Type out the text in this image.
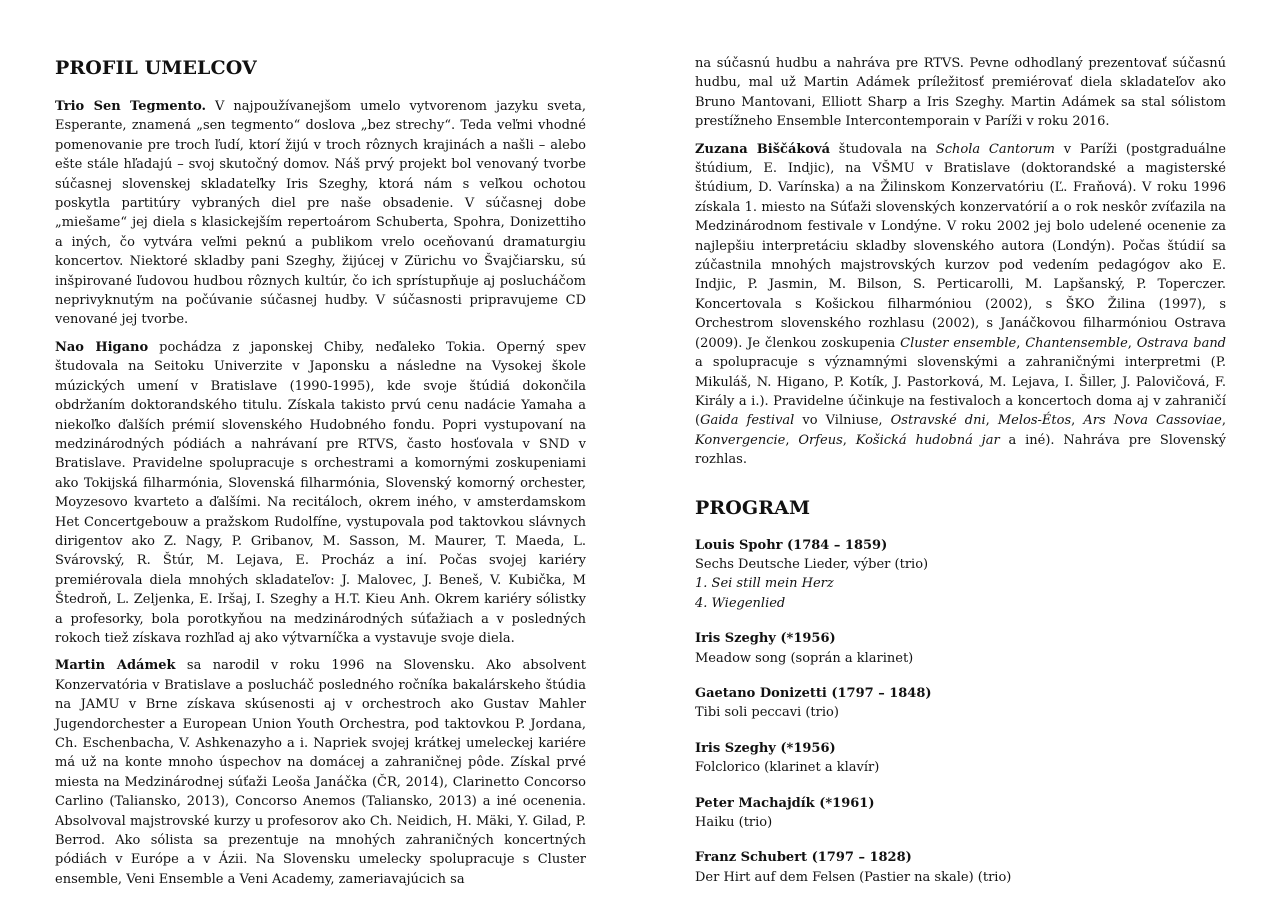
PROFIL UMELCOV

Trio Sen Tegmento. V najpoužívanejšom umelo vytvorenom jazyku sveta, Esperante, znamená „sen tegmento“ doslova „bez strechy“. Teda veľmi vhodné pomenovanie pre troch ľudí, ktorí žijú v troch rôznych krajinách a našli – alebo ešte stále hľadajú – svoj skutočný domov. Náš prvý projekt bol venovaný tvorbe súčasnej slovenskej skladateľky Iris Szeghy, ktorá nám s veľkou ochotou poskytla partitúry vybraných diel pre naše obsadenie. V súčasnej dobe „miešame“ jej diela s klasickejším repertoárom Schuberta, Spohra, Donizettiho a iných, čo vytvára veľmi peknú a publikom vrelo oceňovanú dramaturgiu koncertov. Niektoré skladby pani Szeghy, žijúcej v Zürichu vo Švajčiarsku, sú inšpirované ľudovou hudbou rôznych kultúr, čo ich sprístupňuje aj poslucháčom neprivyknutým na počúvanie súčasnej hudby. V súčasnosti pripravujeme CD venované jej tvorbe.

Nao Higano pochádza z japonskej Chiby, neďaleko Tokia. Operný spev študovala na Seitoku Univerzite v Japonsku a následne na Vysokej škole múzických umení v Bratislave (1990-1995), kde svoje štúdiá dokončila obdržaním doktorandského titulu. Získala takisto prvú cenu nadácie Yamaha a niekoľko ďalších prémií slovenského Hudobného fondu. Popri vystupovaní na medzinárodných pódiách a nahrávaní pre RTVS, často hosťovala v SND v Bratislave. Pravidelne spolupracuje s orchestrami a komornými zoskupeniami ako Tokijská filharmónia, Slovenská filharmónia, Slovenský komorný orchester, Moyzesovo kvarteto a ďalšími. Na recitáloch, okrem iného, v amsterdamskom Het Concertgebouw a pražskom Rudolfíne, vystupovala pod taktovkou slávnych dirigentov ako Z. Nagy, P. Gribanov, M. Sasson, M. Maurer, T. Maeda, L. Svárovský, R. Štúr, M. Lejava, E. Procház a iní. Počas svojej kariéry premiérovala diela mnohých skladateľov: J. Malovec, J. Beneš, V. Kubička, M Štedroň, L. Zeljenka, E. Iršaj, I. Szeghy a H.T. Kieu Anh. Okrem kariéry sólistky a profesorky, bola porotkyňou na medzinárodných súťažiach a v posledných rokoch tiež získava rozhľad aj ako výtvarníčka a vystavuje svoje diela.

Martin Adámek sa narodil v roku 1996 na Slovensku. Ako absolvent Konzervatória v Bratislave a poslucháč posledného ročníka bakalárskeho štúdia na JAMU v Brne získava skúsenosti aj v orchestroch ako Gustav Mahler Jugendorchester a European Union Youth Orchestra, pod taktovkou P. Jordana, Ch. Eschenbacha, V. Ashkenazyho a i. Napriek svojej krátkej umeleckej kariére má už na konte mnoho úspechov na domácej a zahraničnej pôde. Získal prvé miesta na Medzinárodnej súťaži Leoša Janáčka (ČR, 2014), Clarinetto Concorso Carlino (Taliansko, 2013), Concorso Anemos (Taliansko, 2013) a iné ocenenia. Absolvoval majstrovské kurzy u profesorov ako Ch. Neidich, H. Mäki, Y. Gilad, P. Berrod. Ako sólista sa prezentuje na mnohých zahraničných koncertných pódiách v Európe a v Ázii. Na Slovensku umelecky spolupracuje s Cluster ensemble, Veni Ensemble a Veni Academy, zameriavajúcich sa

na súčasnú hudbu a nahráva pre RTVS. Pevne odhodlaný prezentovať súčasnú hudbu, mal už Martin Adámek príležitosť premiérovať diela skladateľov ako Bruno Mantovani, Elliott Sharp a Iris Szeghy. Martin Adámek sa stal sólistom prestížneho Ensemble Intercontemporain v Paríži v roku 2016.

Zuzana Biščáková študovala na Schola Cantorum v Paríži (postgraduálne štúdium, E. Indjic), na VŠMU v Bratislave (doktorandské a magisterské štúdium, D. Varínska) a na Žilinskom Konzervatóriu (Ľ. Fraňová). V roku 1996 získala 1. miesto na Súťaži slovenských konzervatórií a o rok neskôr zvíťazila na Medzinárodnom festivale v Londýne. V roku 2002 jej bolo udelené ocenenie za najlepšiu interpretáciu skladby slovenského autora (Londýn). Počas štúdií sa zúčastnila mnohých majstrovských kurzov pod vedením pedagógov ako E. Indjic, P. Jasmin, M. Bilson, S. Perticarolli, M. Lapšanský, P. Toperczer. Koncertovala s Košickou filharmóniou (2002), s ŠKO Žilina (1997), s Orchestrom slovenského rozhlasu (2002), s Janáčkovou filharmóniou Ostrava (2009). Je členkou zoskupenia Cluster ensemble, Chantensemble, Ostrava band a spolupracuje s významnými slovenskými a zahraničnými interpretmi (P. Mikuláš, N. Higano, P. Kotík, J. Pastorková, M. Lejava, I. Šiller, J. Palovičová, F. Király a i.). Pravidelne účinkuje na festivaloch a koncertoch doma aj v zahraničí (Gaida festival vo Vilniuse, Ostravské dni, Melos-Étos, Ars Nova Cassoviae, Konvergencie, Orfeus, Košická hudobná jar a iné). Nahráva pre Slovenský rozhlas.

PROGRAM
Louis Spohr (1784 – 1859)
Sechs Deutsche Lieder, výber (trio)
1. Sei still mein Herz
4. Wiegenlied
Iris Szeghy (*1956)
Meadow song (soprán a klarinet)
Gaetano Donizetti (1797 – 1848)
Tibi soli peccavi (trio)
Iris Szeghy (*1956)
Folclorico (klarinet a klavír)
Peter Machajdík (*1961)
Haiku (trio)
Franz Schubert (1797 – 1828)
Der Hirt auf dem Felsen (Pastier na skale) (trio)
